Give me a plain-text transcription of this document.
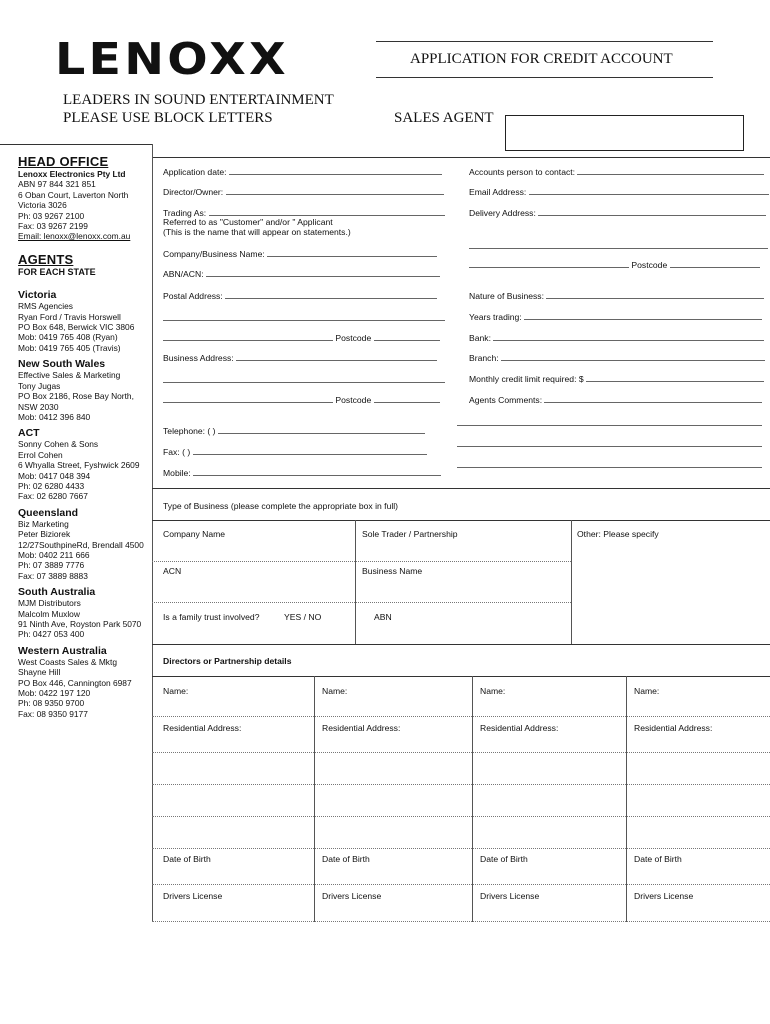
LENOXX
LEADERS IN SOUND ENTERTAINMENT
PLEASE USE BLOCK LETTERS
APPLICATION FOR CREDIT ACCOUNT
SALES AGENT
HEAD OFFICE
Lenoxx Electronics Pty Ltd
ABN 97 844 321 851
6 Oban Court, Laverton North
Victoria 3026
Ph: 03 9267 2100
Fax: 03 9267 2199
Email: lenoxx@lenoxx.com.au
AGENTS
FOR EACH STATE
Victoria
RMS Agencies
Ryan Ford / Travis Horswell
PO Box 648, Berwick VIC 3806
Mob: 0419 765 408 (Ryan)
Mob: 0419 765 405 (Travis)
New South Wales
Effective Sales & Marketing
Tony Jugas
PO Box 2186, Rose Bay North,
NSW 2030
Mob: 0412 396 840
ACT
Sonny Cohen & Sons
Errol Cohen
6 Whyalla Street, Fyshwick 2609
Mob: 0417 048 394
Ph: 02 6280 4433
Fax: 02 6280 7667
Queensland
Biz Marketing
Peter Biziorek
12/27SouthpineRd, Brendall 4500
Mob: 0402 211 666
Ph: 07 3889 7776
Fax: 07 3889 8883
South Australia
MJM Distributors
Malcolm Muxlow
91 Ninth Ave, Royston Park 5070
Ph: 0427 053 400
Western Australia
West Coasts Sales & Mktg
Shayne Hill
PO Box 446, Cannington 6987
Mob: 0422 197 120
Ph: 08 9350 9700
Fax: 08 9350 9177
Application date:
Director/Owner:
Trading As:
Referred to as "Customer" and/or " Applicant
(This is the name that will appear on statements.)
Company/Business Name:
ABN/ACN:
Postal Address:
Postcode
Business Address:
Postcode
Telephone: ( )
Fax: ( )
Mobile:
Accounts person to contact:
Email Address:
Delivery Address:
Postcode
Nature of Business:
Years trading:
Bank:
Branch:
Monthly credit limit required: $
Agents Comments:
Type of Business (please complete the appropriate box in full)
Company Name	Sole Trader / Partnership	Other: Please specify
ACN	Business Name
Is a family trust involved?	YES / NO	ABN
Directors or Partnership details
Name:	Name:	Name:	Name:
Residential Address:	Residential Address:	Residential Address:	Residential Address:
Date of Birth	Date of Birth	Date of Birth	Date of Birth
Drivers License	Drivers License	Drivers License	Drivers License
